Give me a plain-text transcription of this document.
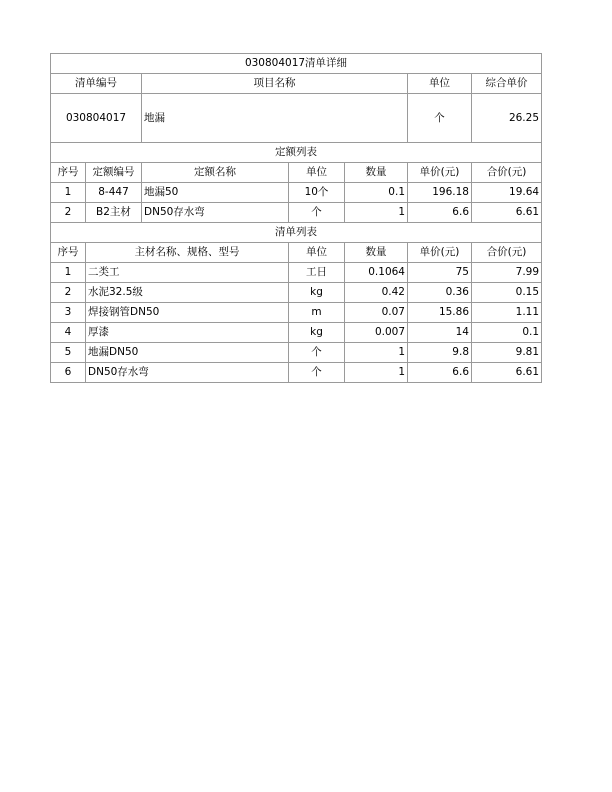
030804017清单详细			
清单编号	项目名称	单位	综合单价
030804017	地漏	个	26.25
定额列表						
序号	定额编号	定额名称	单位	数量	单价(元)	合价(元)
1	8-447	地漏50	10个	0.1	196.18	19.64
2	B2主材	DN50存水弯	个	1	6.6	6.61
清单列表					
序号	主材名称、规格、型号	单位	数量	单价(元)	合价(元)
1	二类工	工日	0.1064	75	7.99
2	水泥32.5级	kg	0.42	0.36	0.15
3	焊接钢管DN50	m	0.07	15.86	1.11
4	厚漆	kg	0.007	14	0.1
5	地漏DN50	个	1	9.8	9.81
6	DN50存水弯	个	1	6.6	6.61
